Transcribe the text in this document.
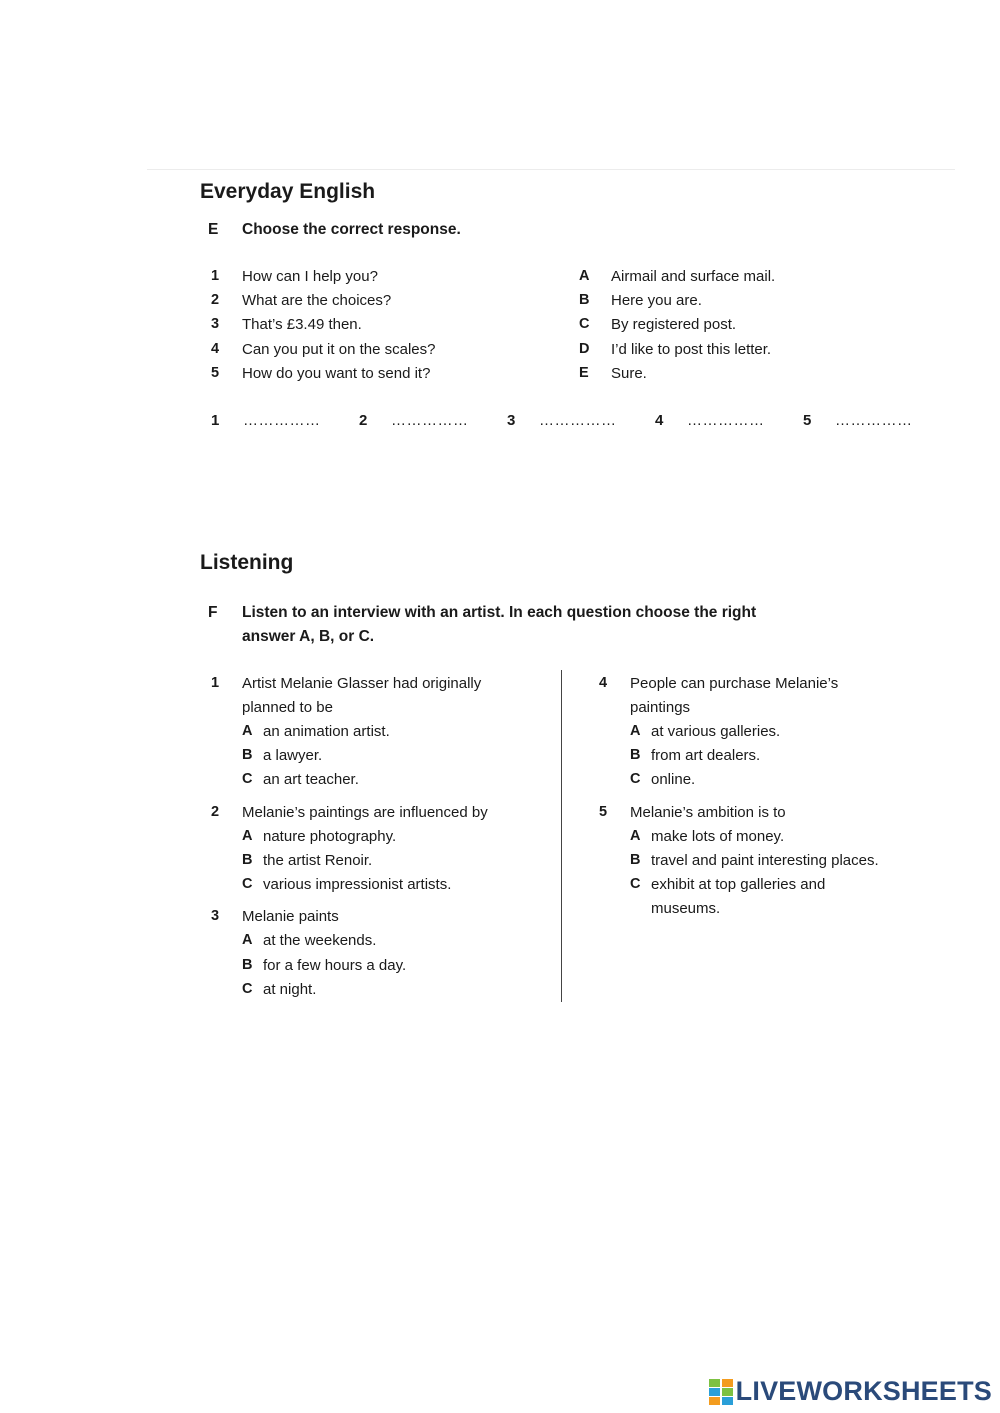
Everyday English
E	Choose the correct response.
1 How can I help you?
2 What are the choices?
3 That’s £3.49 then.
4 Can you put it on the scales?
5 How do you want to send it?
A Airmail and surface mail.
B Here you are.
C By registered post.
D I’d like to post this letter.
E Sure.
1 ……………	2 ……………	3 ……………	4 ……………	5 ……………
Listening
F	Listen to an interview with an artist. In each question choose the right
answer A, B, or C.
1 Artist Melanie Glasser had originally
planned to be
A an animation artist.
B a lawyer.
C an art teacher.
2 Melanie’s paintings are influenced by
A nature photography.
B the artist Renoir.
C various impressionist artists.
3 Melanie paints
A at the weekends.
B for a few hours a day.
C at night.
4 People can purchase Melanie’s
paintings
A at various galleries.
B from art dealers.
C online.
5 Melanie’s ambition is to
A make lots of money.
B travel and paint interesting places.
C exhibit at top galleries and
museums.
LIVEWORKSHEETS
